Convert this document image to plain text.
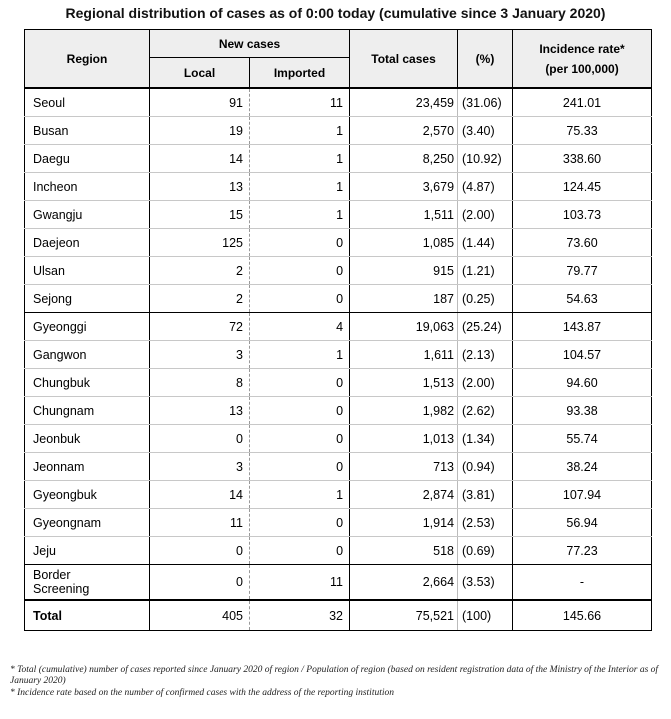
Regional distribution of cases as of 0:00 today (cumulative since 3 January 2020)
Region	New cases		Total cases	(%)	Incidence rate*
(per 100,000)

	Local	Imported			
Seoul	91	11	23,459	(31.06)	241.01
Busan	19	1	2,570	(3.40)	75.33
Daegu	14	1	8,250	(10.92)	338.60
Incheon	13	1	3,679	(4.87)	124.45
Gwangju	15	1	1,511	(2.00)	103.73
Daejeon	125	0	1,085	(1.44)	73.60
Ulsan	2	0	915	(1.21)	79.77
Sejong	2	0	187	(0.25)	54.63
Gyeonggi	72	4	19,063	(25.24)	143.87
Gangwon	3	1	1,611	(2.13)	104.57
Chungbuk	8	0	1,513	(2.00)	94.60
Chungnam	13	0	1,982	(2.62)	93.38
Jeonbuk	0	0	1,013	(1.34)	55.74
Jeonnam	3	0	713	(0.94)	38.24
Gyeongbuk	14	1	2,874	(3.81)	107.94
Gyeongnam	11	0	1,914	(2.53)	56.94
Jeju	0	0	518	(0.69)	77.23

Border
Screening	0	11	2,664	(3.53)	-
Total	405	32	75,521	(100)	145.66

* Total (cumulative) number of cases reported since January 2020 of region / Population of region (based on resident registration data of the Ministry of the Interior as of January 2020)

* Incidence rate based on the number of confirmed cases with the address of the reporting institution
